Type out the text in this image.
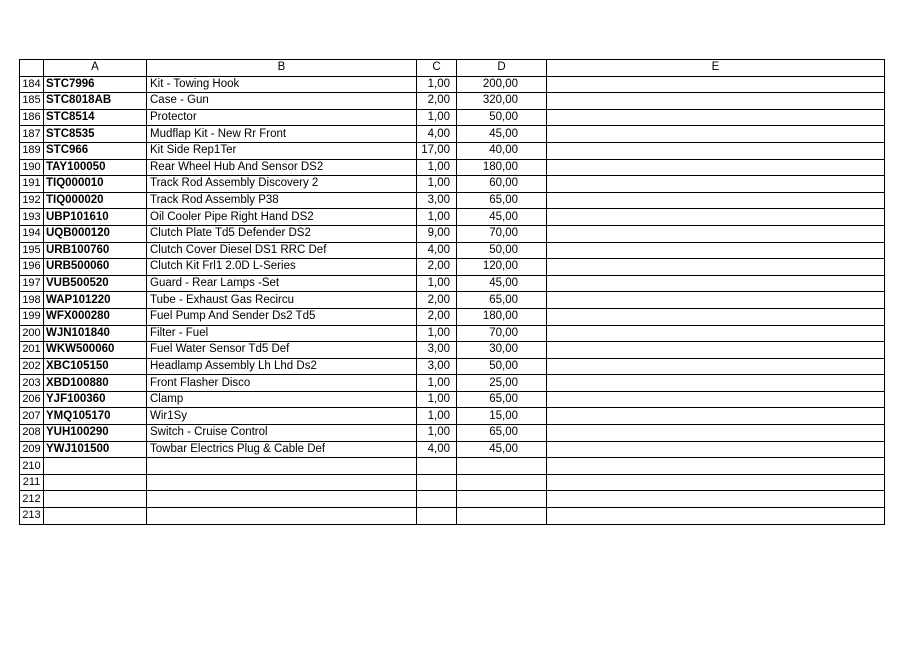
	A	B	C	D	E
184	STC7996	Kit - Towing Hook	1,00	200,00	
185	STC8018AB	Case - Gun	2,00	320,00	
186	STC8514	Protector	1,00	50,00	
187	STC8535	Mudflap Kit - New Rr Front	4,00	45,00	
189	STC966	Kit Side Rep1Ter	17,00	40,00	
190	TAY100050	Rear Wheel Hub And Sensor DS2	1,00	180,00	
191	TIQ000010	Track Rod Assembly Discovery 2	1,00	60,00	
192	TIQ000020	Track Rod Assembly P38	3,00	65,00	
193	UBP101610	Oil Cooler Pipe Right Hand DS2	1,00	45,00	
194	UQB000120	Clutch Plate Td5 Defender DS2	9,00	70,00	
195	URB100760	Clutch Cover Diesel DS1 RRC Def	4,00	50,00	
196	URB500060	Clutch Kit Frl1 2.0D L-Series	2,00	120,00	
197	VUB500520	Guard - Rear Lamps -Set	1,00	45,00	
198	WAP101220	Tube - Exhaust Gas Recircu	2,00	65,00	
199	WFX000280	Fuel Pump And Sender Ds2 Td5	2,00	180,00	
200	WJN101840	Filter - Fuel	1,00	70,00	
201	WKW500060	Fuel Water Sensor Td5 Def	3,00	30,00	
202	XBC105150	Headlamp Assembly Lh Lhd Ds2	3,00	50,00	
203	XBD100880	Front Flasher Disco	1,00	25,00	
206	YJF100360	Clamp	1,00	65,00	
207	YMQ105170	Wir1Sy	1,00	15,00	
208	YUH100290	Switch - Cruise Control	1,00	65,00	
209	YWJ101500	Towbar Electrics Plug & Cable Def	4,00	45,00	
210					
211					
212					
213					
